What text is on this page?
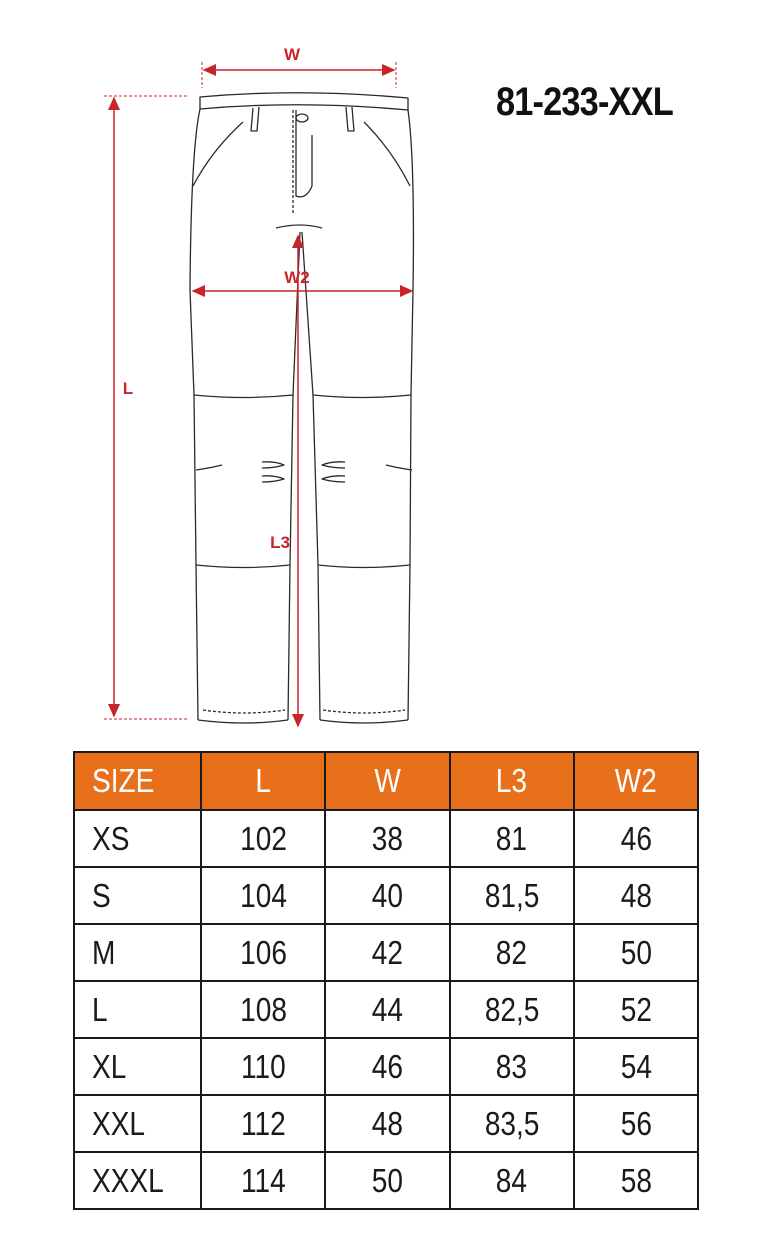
W
W2
L
L3
81-233-XXL
SIZE	L	W	L3	W2
XS	102	38	81	46
S	104	40	81,5	48
M	106	42	82	50
L	108	44	82,5	52
XL	110	46	83	54
XXL	112	48	83,5	56
XXXL	114	50	84	58
